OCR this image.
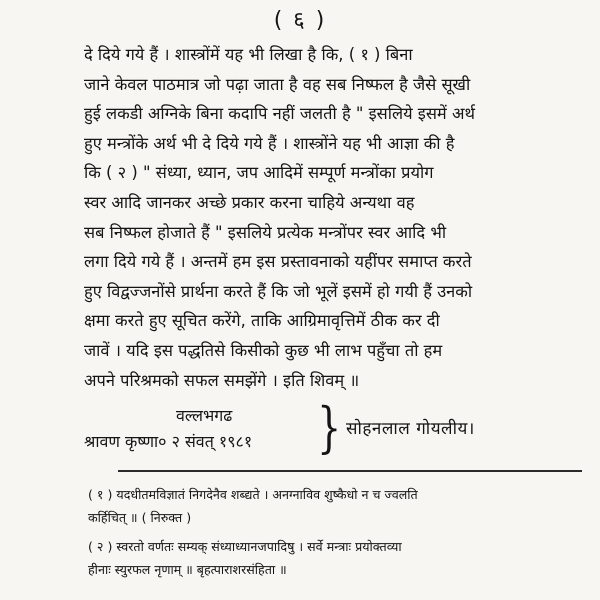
( ६ )
दे दिये गये हैं । शास्त्रोंमें यह भी लिखा है कि, ( १ ) बिना
जाने केवल पाठमात्र जो पढ़ा जाता है वह सब निष्फल है जैसे सूखी
हुई लकडी अग्निके बिना कदापि नहीं जलती है " इसलिये इसमें अर्थ
हुए मन्त्रोंके अर्थ भी दे दिये गये हैं । शास्त्रोंने यह भी आज्ञा की है
कि ( २ ) " संध्या, ध्यान, जप आदिमें सम्पूर्ण मन्त्रोंका प्रयोग
स्वर आदि जानकर अच्छे प्रकार करना चाहिये अन्यथा वह
सब निष्फल होजाते हैं " इसलिये प्रत्येक मन्त्रोंपर स्वर आदि भी
लगा दिये गये हैं । अन्तमें हम इस प्रस्तावनाको यहींपर समाप्त करते
हुए विद्वज्जनोंसे प्रार्थना करते हैं कि जो भूलें इसमें हो गयी हैं उनको
क्षमा करते हुए सूचित करेंगे, ताकि आग्रिमावृत्तिमें ठीक कर दी
जावें । यदि इस पद्धतिसे किसीको कुछ भी लाभ पहुँचा तो हम
अपने परिश्रमको सफल समझेंगे । इति शिवम् ॥
वल्लभगढ
श्रावण कृष्णा० २ संवत् १९८१ } सोहनलाल गोयलीय।
( १ ) यदधीतमविज्ञातं निगदेनैव शब्द्यते । अनग्नाविव शुष्कैधो न च ज्वलति
कर्हिचित् ॥ ( निरुक्त )
( २ ) स्वरतो वर्णतः सम्यक् संध्याध्यानजपादिषु । सर्वे मन्त्राः प्रयोक्तव्या
हीनाः स्युरफल नृणाम् ॥ बृहत्पाराशरसंहिता ॥
